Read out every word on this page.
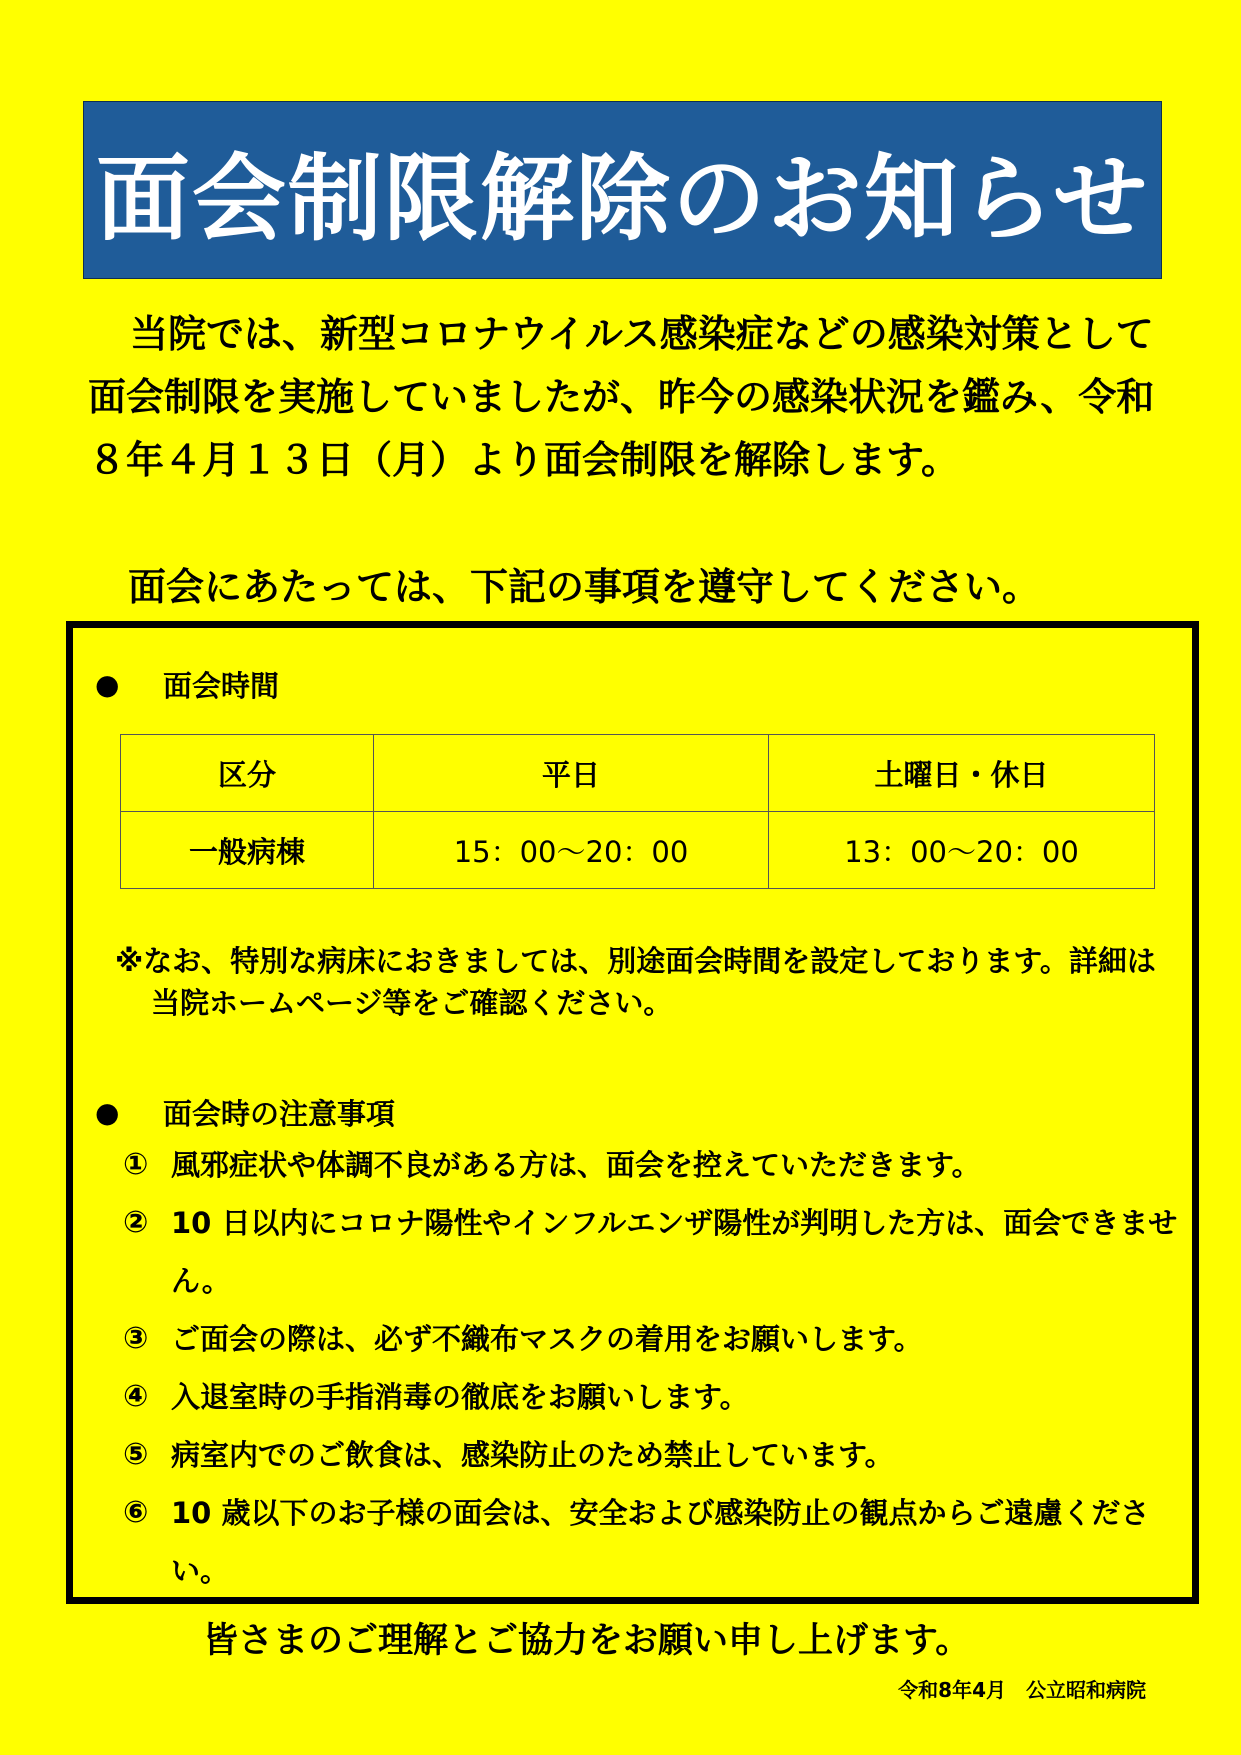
面会制限解除のお知らせ

当院では、新型コロナウイルス感染症などの感染対策として面会制限を実施していましたが、昨今の感染状況を鑑み、令和８年４月１３日（月）より面会制限を解除します。

面会にあたっては、下記の事項を遵守してください。

●	面会時間
区分	平日	土曜日・休日
一般病棟	15：00～20：00	13：00～20：00

※なお、特別な病床におきましては、別途面会時間を設定しております。詳細は当院ホームページ等をご確認ください。

●	面会時の注意事項
① 風邪症状や体調不良がある方は、面会を控えていただきます。
② 10 日以内にコロナ陽性やインフルエンザ陽性が判明した方は、面会できません。
③ ご面会の際は、必ず不織布マスクの着用をお願いします。
④ 入退室時の手指消毒の徹底をお願いします。
⑤ 病室内でのご飲食は、感染防止のため禁止しています。
⑥ 10 歳以下のお子様の面会は、安全および感染防止の観点からご遠慮ください。

皆さまのご理解とご協力をお願い申し上げます。

令和8年4月　公立昭和病院
